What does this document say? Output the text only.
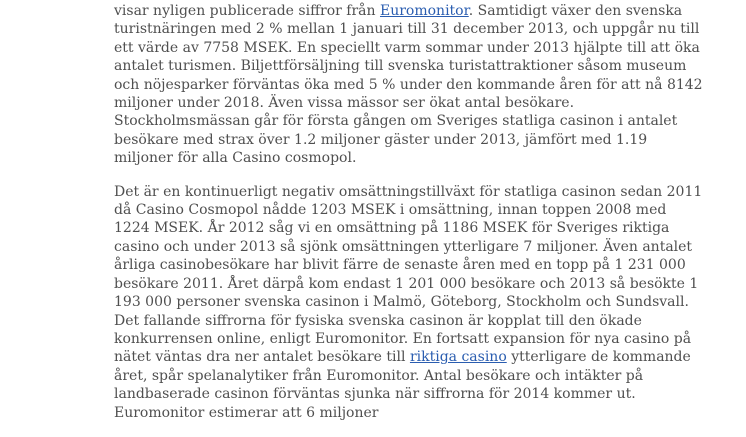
visar nyligen publicerade siffror från Euromonitor. Samtidigt växer den svenska turistnäringen med 2 % mellan 1 januari till 31 december 2013, och uppgår nu till ett värde av 7758 MSEK. En speciellt varm sommar under 2013 hjälpte till att öka antalet turismen. Biljettförsäljning till svenska turistattraktioner såsom museum och nöjesparker förväntas öka med 5 % under den kommande åren för att nå 8142 miljoner under 2018. Även vissa mässor ser ökat antal besökare. Stockholmsmässan går för första gången om Sveriges statliga casinon i antalet besökare med strax över 1.2 miljoner gäster under 2013, jämfört med 1.19 miljoner för alla Casino cosmopol.

Det är en kontinuerligt negativ omsättningstillväxt för statliga casinon sedan 2011 då Casino Cosmopol nådde 1203 MSEK i omsättning, innan toppen 2008 med 1224 MSEK. År 2012 såg vi en omsättning på 1186 MSEK för Sveriges riktiga casino och under 2013 så sjönk omsättningen ytterligare 7 miljoner. Även antalet årliga casinobesökare har blivit färre de senaste åren med en topp på 1 231 000 besökare 2011. Året därpå kom endast 1 201 000 besökare och 2013 så besökte 1 193 000 personer svenska casinon i Malmö, Göteborg, Stockholm och Sundsvall. Det fallande siffrorna för fysiska svenska casinon är kopplat till den ökade konkurrensen online, enligt Euromonitor. En fortsatt expansion för nya casino på nätet väntas dra ner antalet besökare till riktiga casino ytterligare de kommande året, spår spelanalytiker från Euromonitor. Antal besökare och intäkter på landbaserade casinon förväntas sjunka när siffrorna för 2014 kommer ut. Euromonitor estimerar att 6 miljoner
